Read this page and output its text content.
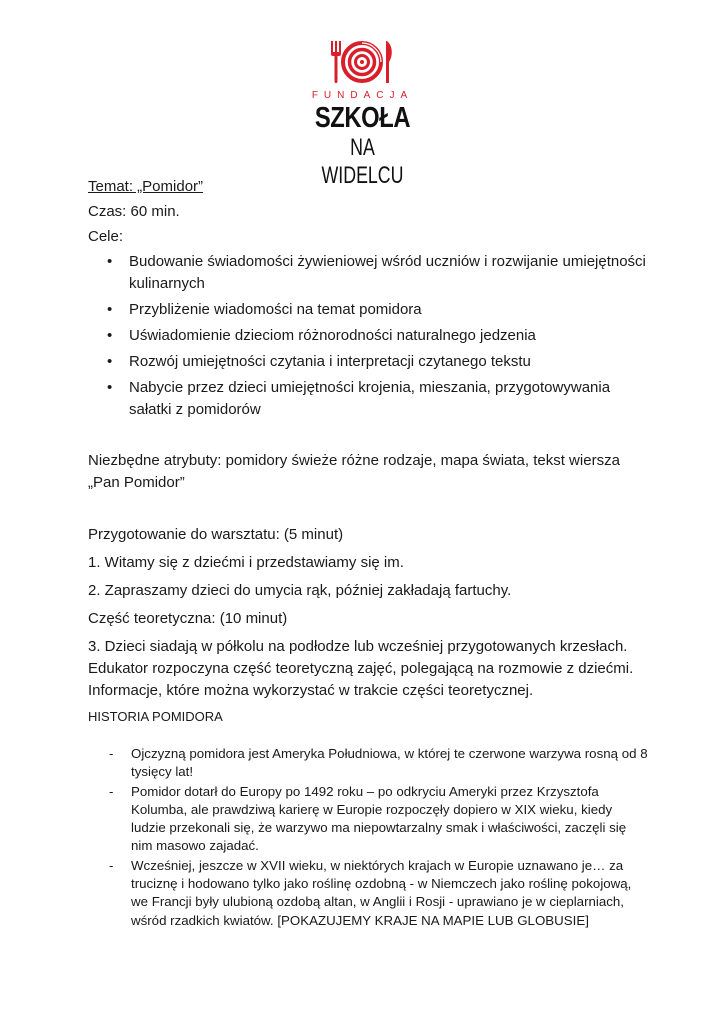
FUNDACJA
SZKOŁA
NA WIDELCU

Temat: „Pomidor”

Czas: 60 min.

Cele:

• Budowanie świadomości żywieniowej wśród uczniów i rozwijanie umiejętności kulinarnych
• Przybliżenie wiadomości na temat pomidora
• Uświadomienie dzieciom różnorodności naturalnego jedzenia
• Rozwój umiejętności czytania i interpretacji czytanego tekstu
• Nabycie przez dzieci umiejętności krojenia, mieszania, przygotowywania sałatki z pomidorów

Niezbędne atrybuty: pomidory świeże różne rodzaje, mapa świata, tekst wiersza „Pan Pomidor”

Przygotowanie do warsztatu: (5 minut)

1. Witamy się z dziećmi i przedstawiamy się im.

2. Zapraszamy dzieci do umycia rąk, później zakładają fartuchy.

Część teoretyczna: (10 minut)

3. Dzieci siadają w półkolu na podłodze lub wcześniej przygotowanych krzesłach. Edukator rozpoczyna część teoretyczną zajęć, polegającą na rozmowie z dziećmi. Informacje, które można wykorzystać w trakcie części teoretycznej.

HISTORIA POMIDORA

- Ojczyzną pomidora jest Ameryka Południowa, w której te czerwone warzywa rosną od 8 tysięcy lat!
- Pomidor dotarł do Europy po 1492 roku – po odkryciu Ameryki przez Krzysztofa Kolumba, ale prawdziwą karierę w Europie rozpoczęły dopiero w XIX wieku, kiedy ludzie przekonali się, że warzywo ma niepowtarzalny smak i właściwości, zaczęli się nim masowo zajadać.
- Wcześniej, jeszcze w XVII wieku, w niektórych krajach w Europie uznawano je… za truciznę i hodowano tylko jako roślinę ozdobną - w Niemczech jako roślinę pokojową, we Francji były ulubioną ozdobą altan, w Anglii i Rosji - uprawiano je w cieplarniach, wśród rzadkich kwiatów. [POKAZUJEMY KRAJE NA MAPIE LUB GLOBUSIE]
